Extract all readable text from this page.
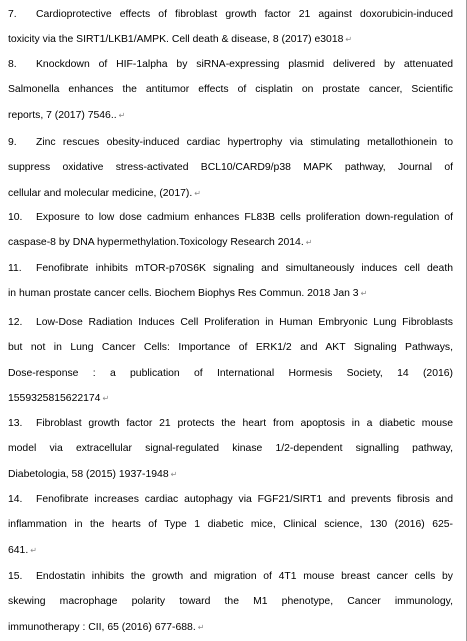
7. Cardioprotective effects of fibroblast growth factor 21 against doxorubicin-induced
toxicity via the SIRT1/LKB1/AMPK. Cell death & disease, 8 (2017) e3018 ↵
8. Knockdown of HIF-1alpha by siRNA-expressing plasmid delivered by attenuated
Salmonella enhances the antitumor effects of cisplatin on prostate cancer, Scientific
reports, 7 (2017) 7546.. ↵
9. Zinc rescues obesity-induced cardiac hypertrophy via stimulating metallothionein to
suppress oxidative stress-activated BCL10/CARD9/p38 MAPK pathway, Journal of
cellular and molecular medicine, (2017). ↵
10. Exposure to low dose cadmium enhances FL83B cells proliferation down-regulation of
caspase-8 by DNA hypermethylation.Toxicology Research 2014. ↵
11. Fenofibrate inhibits mTOR-p70S6K signaling and simultaneously induces cell death
in human prostate cancer cells. Biochem Biophys Res Commun. 2018 Jan 3 ↵
12. Low-Dose Radiation Induces Cell Proliferation in Human Embryonic Lung Fibroblasts
but not in Lung Cancer Cells: Importance of ERK1/2 and AKT Signaling Pathways,
Dose-response : a publication of International Hormesis Society, 14 (2016)
1559325815622174 ↵
13. Fibroblast growth factor 21 protects the heart from apoptosis in a diabetic mouse
model via extracellular signal-regulated kinase 1/2-dependent signalling pathway,
Diabetologia, 58 (2015) 1937-1948 ↵
14. Fenofibrate increases cardiac autophagy via FGF21/SIRT1 and prevents fibrosis and
inflammation in the hearts of Type 1 diabetic mice, Clinical science, 130 (2016) 625-
641. ↵
15. Endostatin inhibits the growth and migration of 4T1 mouse breast cancer cells by
skewing macrophage polarity toward the M1 phenotype, Cancer immunology,
immunotherapy : CII, 65 (2016) 677-688. ↵
